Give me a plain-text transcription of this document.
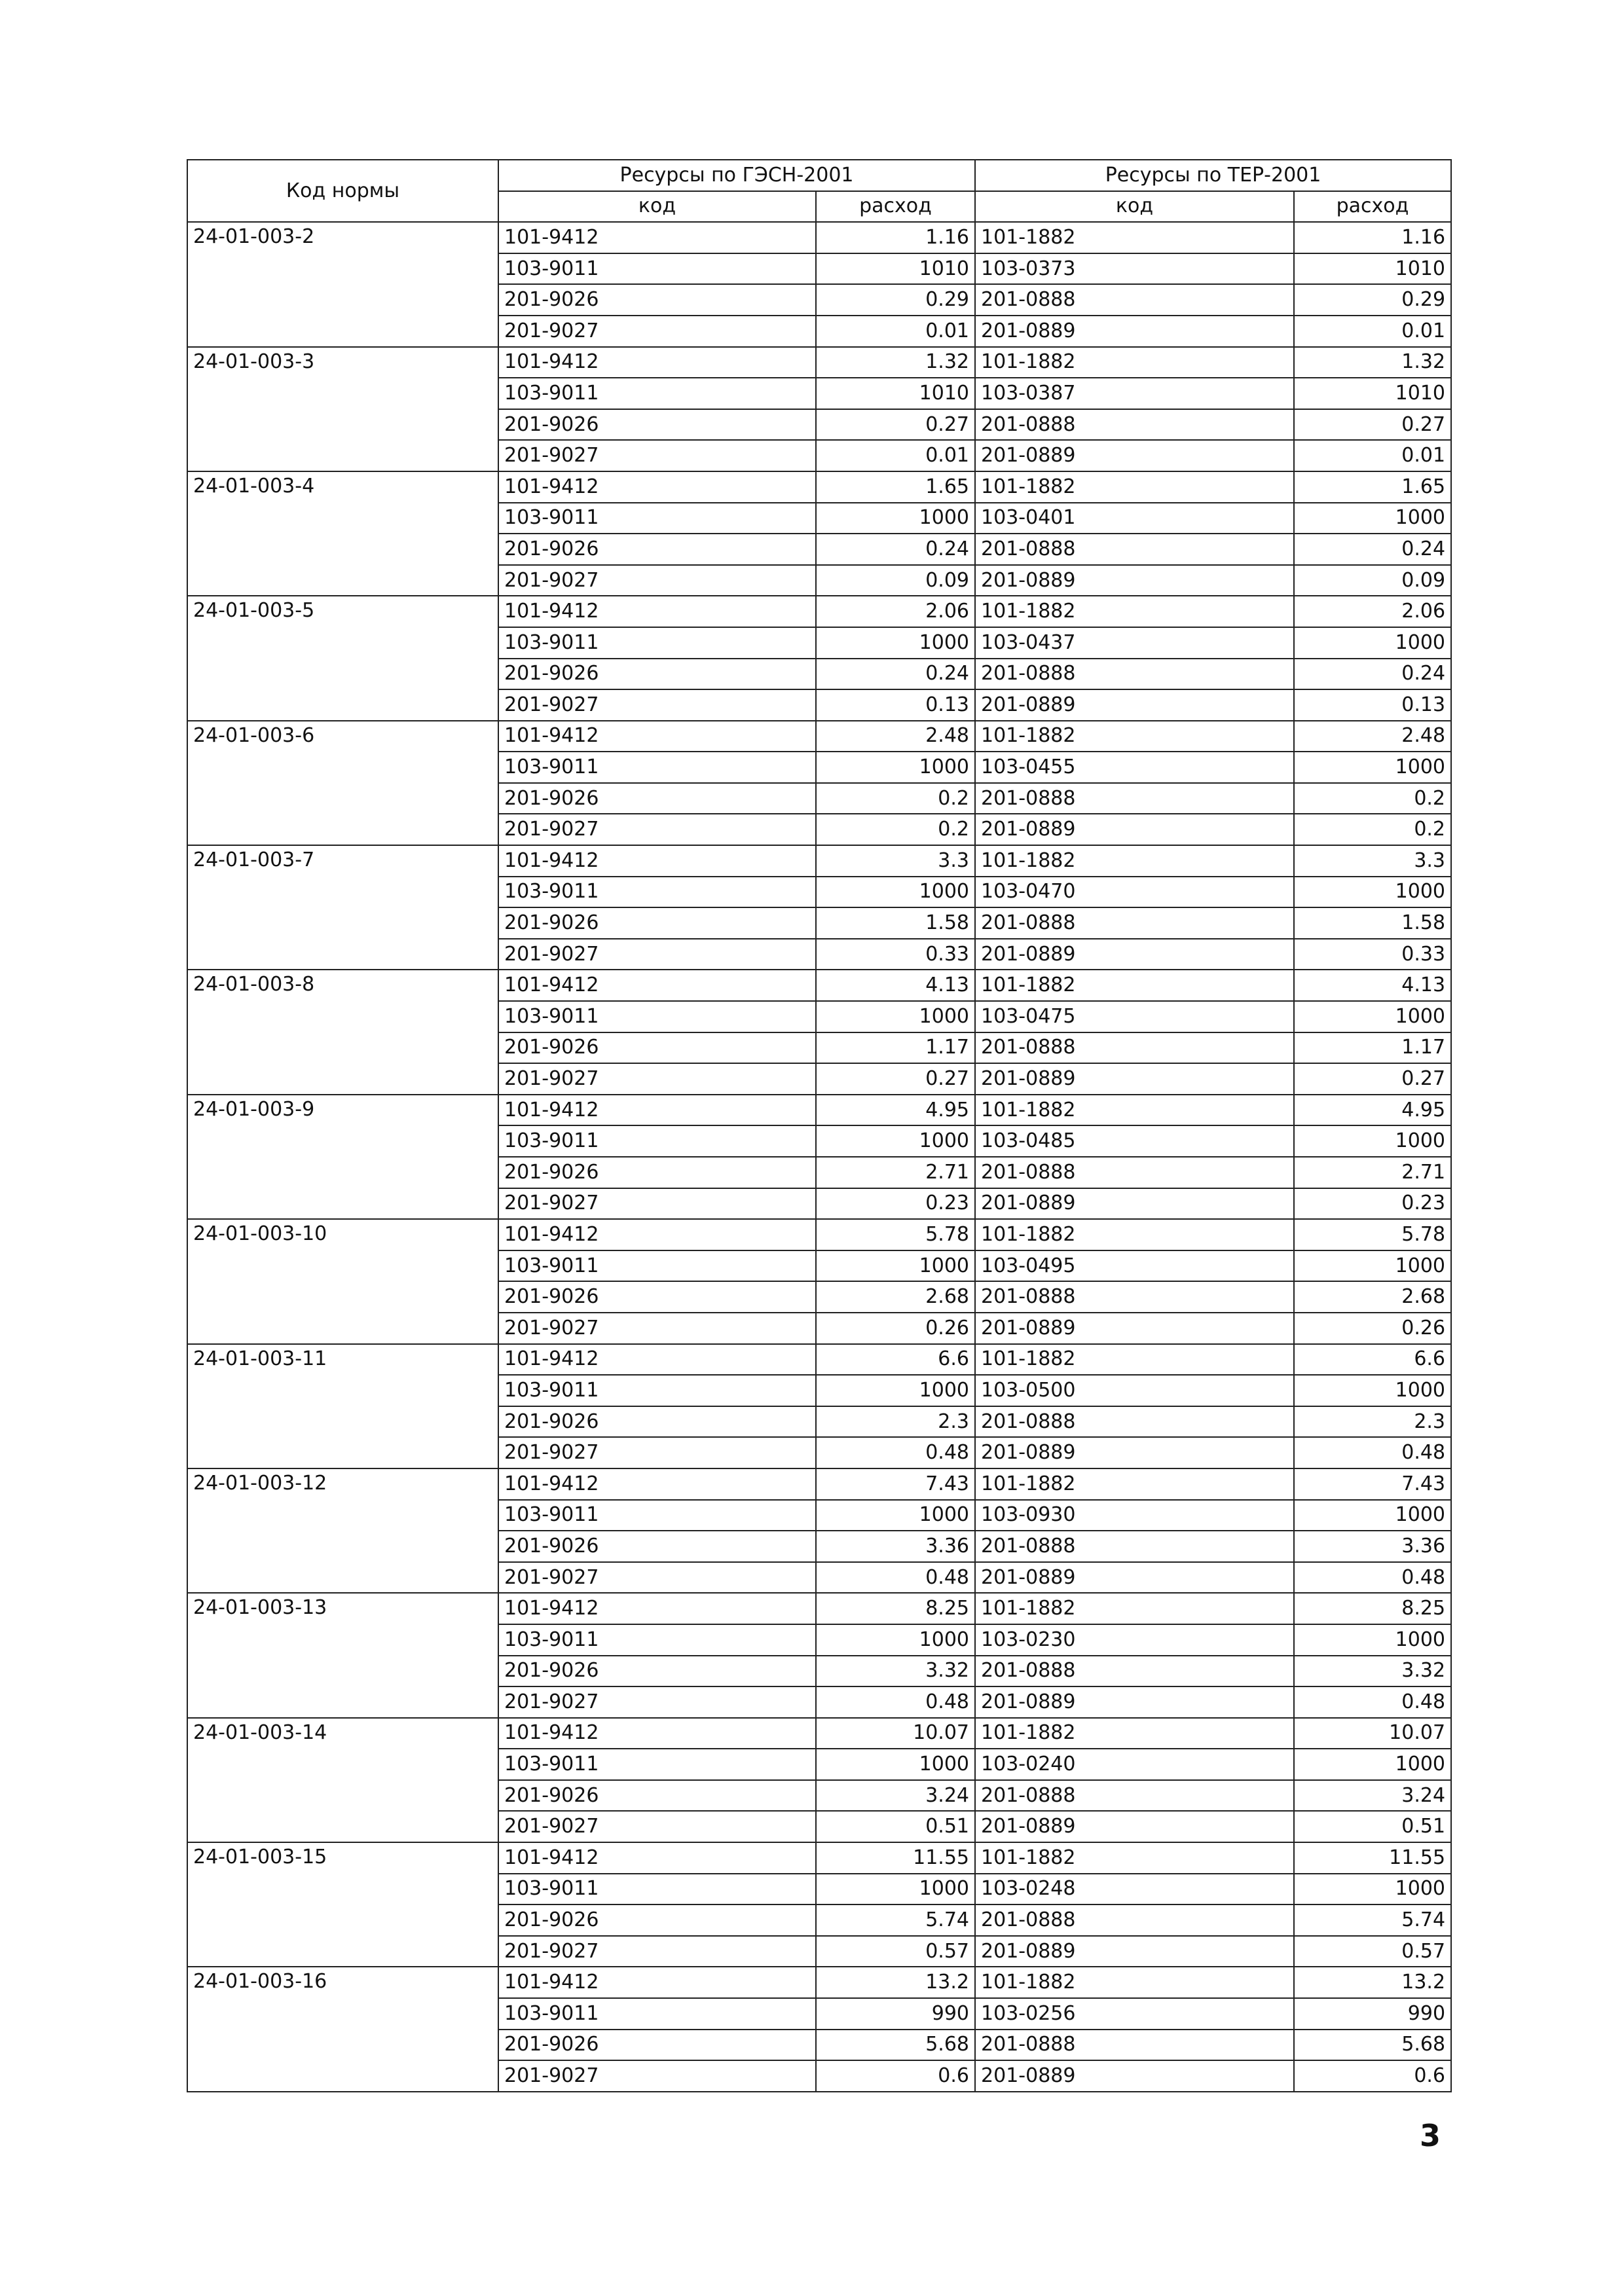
Код нормы	Ресурсы по ГЭСН-2001		Ресурсы по ТЕР-2001	
	код	расход	код	расход
24-01-003-2	101-9412	1.16	101-1882	1.16
	103-9011	1010	103-0373	1010
	201-9026	0.29	201-0888	0.29
	201-9027	0.01	201-0889	0.01
24-01-003-3	101-9412	1.32	101-1882	1.32
	103-9011	1010	103-0387	1010
	201-9026	0.27	201-0888	0.27
	201-9027	0.01	201-0889	0.01
24-01-003-4	101-9412	1.65	101-1882	1.65
	103-9011	1000	103-0401	1000
	201-9026	0.24	201-0888	0.24
	201-9027	0.09	201-0889	0.09
24-01-003-5	101-9412	2.06	101-1882	2.06
	103-9011	1000	103-0437	1000
	201-9026	0.24	201-0888	0.24
	201-9027	0.13	201-0889	0.13
24-01-003-6	101-9412	2.48	101-1882	2.48
	103-9011	1000	103-0455	1000
	201-9026	0.2	201-0888	0.2
	201-9027	0.2	201-0889	0.2
24-01-003-7	101-9412	3.3	101-1882	3.3
	103-9011	1000	103-0470	1000
	201-9026	1.58	201-0888	1.58
	201-9027	0.33	201-0889	0.33
24-01-003-8	101-9412	4.13	101-1882	4.13
	103-9011	1000	103-0475	1000
	201-9026	1.17	201-0888	1.17
	201-9027	0.27	201-0889	0.27
24-01-003-9	101-9412	4.95	101-1882	4.95
	103-9011	1000	103-0485	1000
	201-9026	2.71	201-0888	2.71
	201-9027	0.23	201-0889	0.23
24-01-003-10	101-9412	5.78	101-1882	5.78
	103-9011	1000	103-0495	1000
	201-9026	2.68	201-0888	2.68
	201-9027	0.26	201-0889	0.26
24-01-003-11	101-9412	6.6	101-1882	6.6
	103-9011	1000	103-0500	1000
	201-9026	2.3	201-0888	2.3
	201-9027	0.48	201-0889	0.48
24-01-003-12	101-9412	7.43	101-1882	7.43
	103-9011	1000	103-0930	1000
	201-9026	3.36	201-0888	3.36
	201-9027	0.48	201-0889	0.48
24-01-003-13	101-9412	8.25	101-1882	8.25
	103-9011	1000	103-0230	1000
	201-9026	3.32	201-0888	3.32
	201-9027	0.48	201-0889	0.48
24-01-003-14	101-9412	10.07	101-1882	10.07
	103-9011	1000	103-0240	1000
	201-9026	3.24	201-0888	3.24
	201-9027	0.51	201-0889	0.51
24-01-003-15	101-9412	11.55	101-1882	11.55
	103-9011	1000	103-0248	1000
	201-9026	5.74	201-0888	5.74
	201-9027	0.57	201-0889	0.57
24-01-003-16	101-9412	13.2	101-1882	13.2
	103-9011	990	103-0256	990
	201-9026	5.68	201-0888	5.68
	201-9027	0.6	201-0889	0.6
3
